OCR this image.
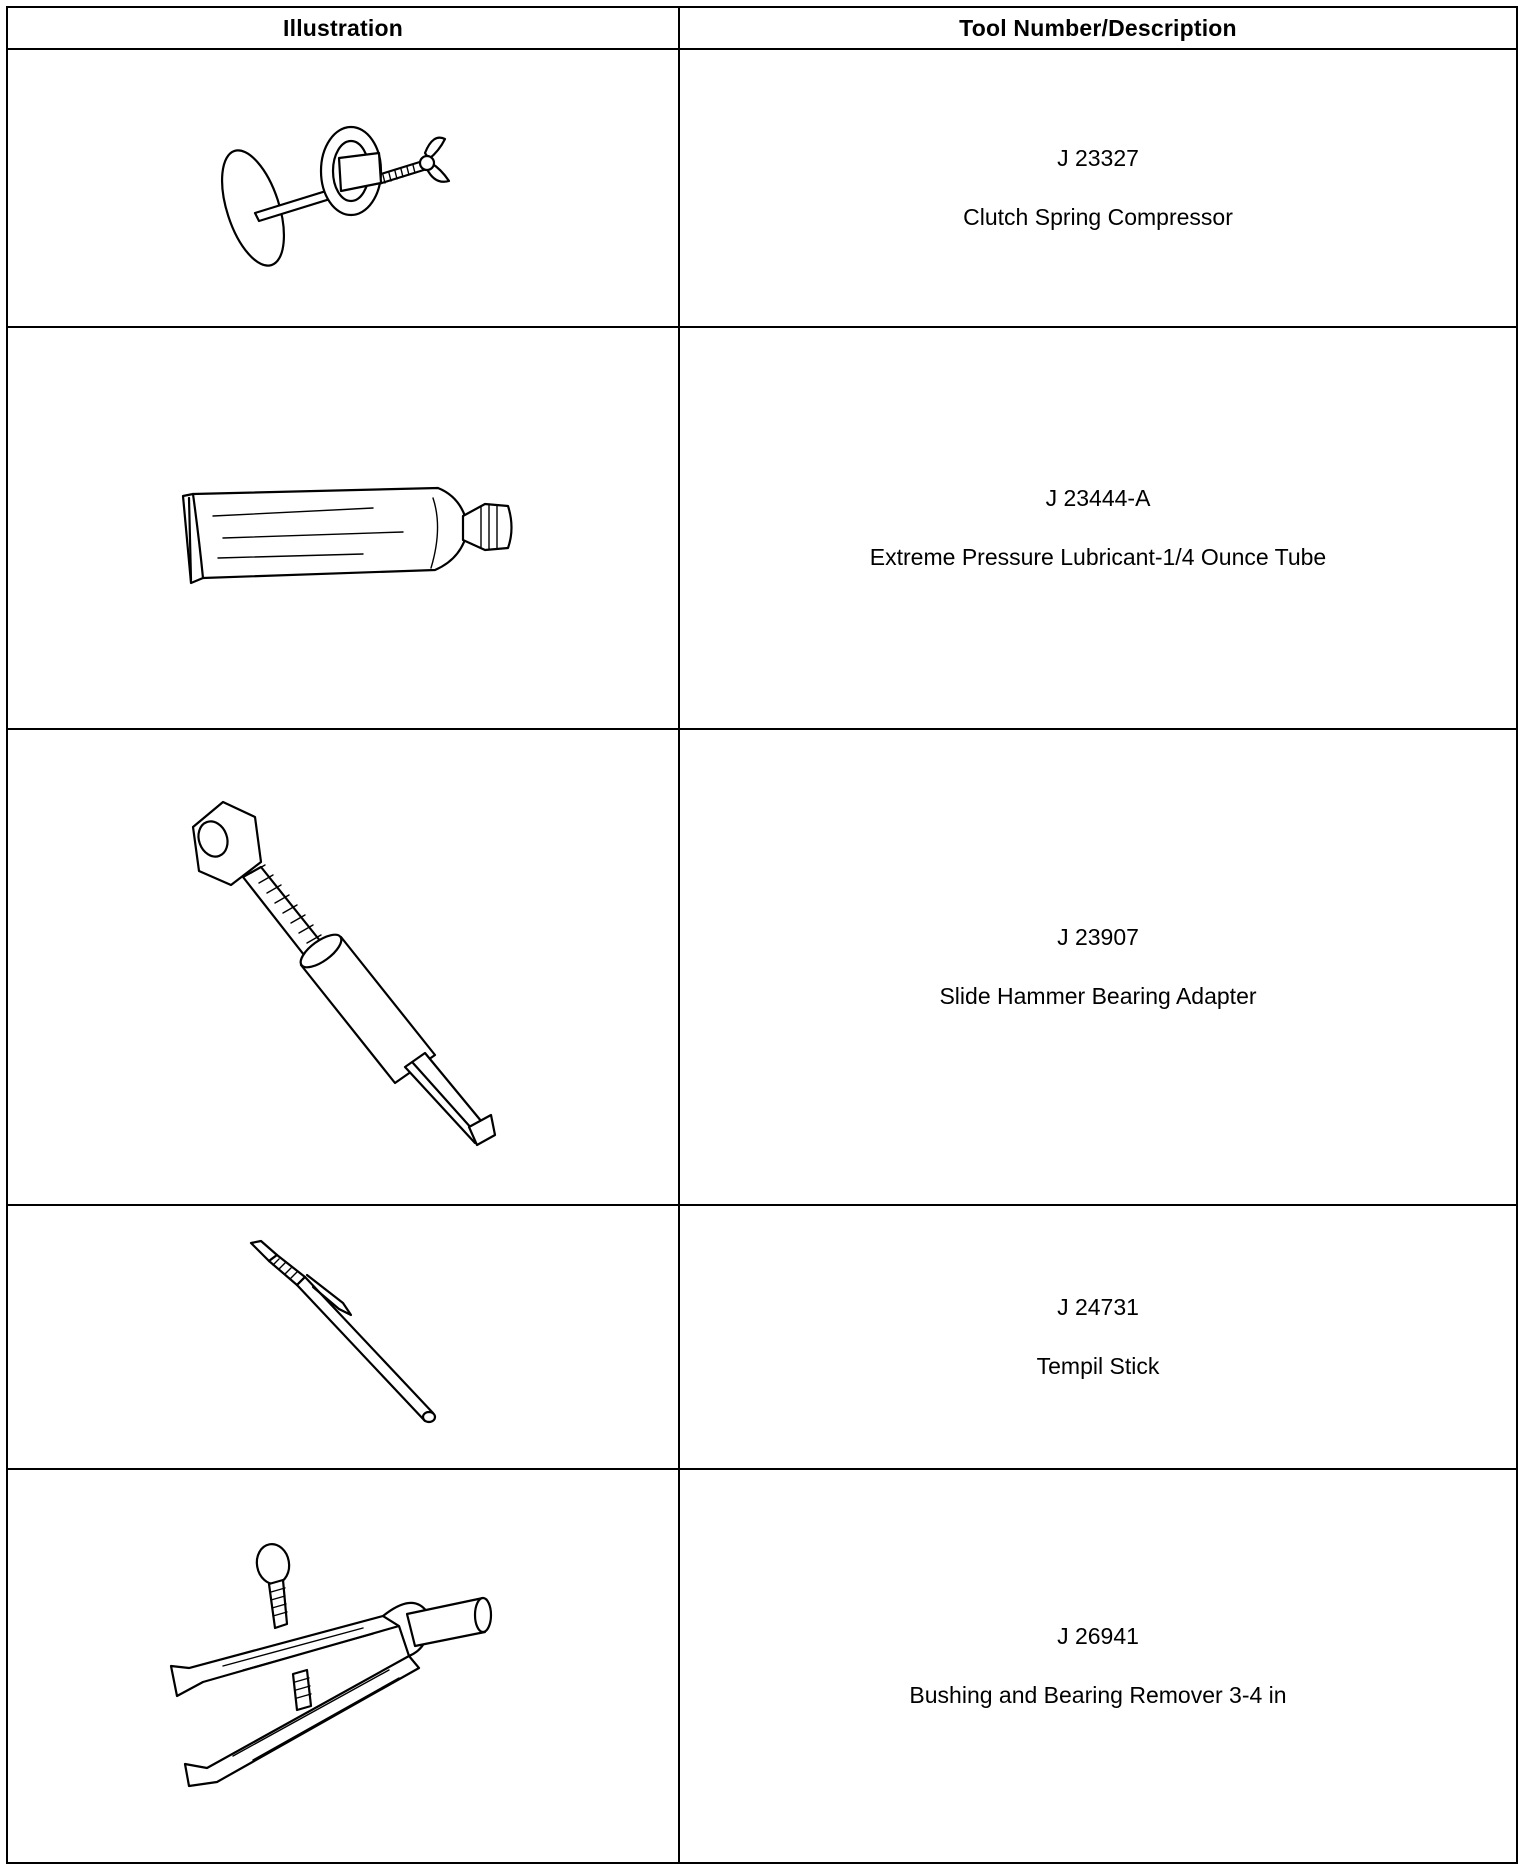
Illustration	Tool Number/Description

J 23327
Clutch Spring Compressor

J 23444-A
Extreme Pressure Lubricant-1/4 Ounce Tube

J 23907
Slide Hammer Bearing Adapter

J 24731
Tempil Stick

J 26941
Bushing and Bearing Remover 3-4 in
